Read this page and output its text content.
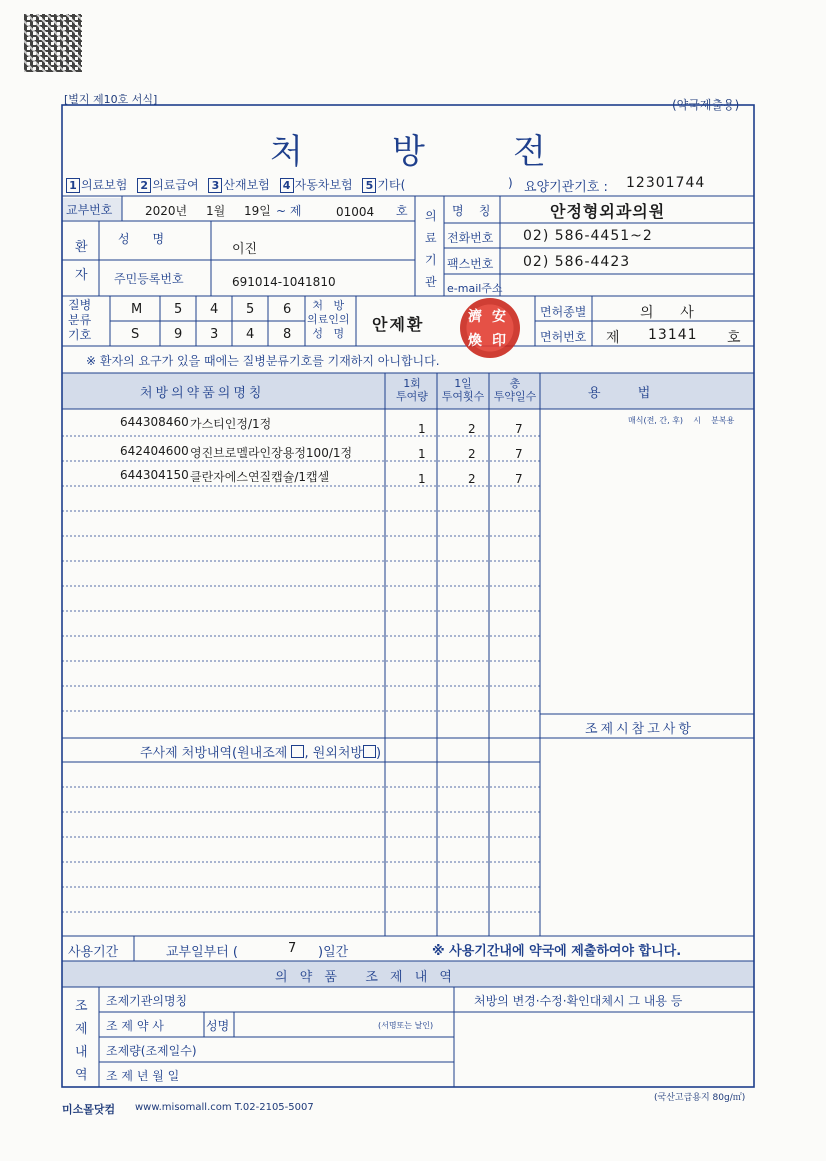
[별지 제10호 서식]	(약국제출용)
처	방	전
1 의료보험 2 의료급여 3 산재보험 4 자동차보험 5 기타(	) 요양기관기호 : 12301744
교부번호	2020년 1월 19일 ~ 제	01004 호
환
자
성      명
이진
주민등록번호	691014-1041810
의
료
기
관
명    칭	안정형외과의원
전화번호 02) 586-4451~2
팩스번호 02) 586-4423
e-mail주소
질병
분류
기호
M 5 4 5 6
S	9 3 4 8
처   방
의료인의
성   명	안제환	濟 安
印
煥
면허종별	의      사
면허번호 제 13141 호
※ 환자의 요구가 있을 때에는 질병분류기호를 기재하지 아니합니다.
처방의약품의명칭
1회
투여량
1일
투여횟수
총
투약일수	용         법
매식(전, 간, 후)    시    분복용
644308460 가스티인정/1정	1	2	7
642404600 영진브로멜라인장용정100/1정	1	2	7
644304150 클란자에스연질캡슐/1캡셀	1	2	7
조제시참고사항
주사제 처방내역(원내조제 , 원외처방 )
사용기간	교부일부터 (	7 )일간	※ 사용기간내에 약국에 제출하여야 합니다.
의 약 품   조 제 내 역
조
제
내
역
조제기관의명칭
조 제 약 사	성명	(서명또는 날인)
조제량(조제일수)
조 제 년 월 일
처방의 변경·수정·확인대체시 그 내용 등
미소몰닷컴 www.misomall.com T.02-2105-5007
(국산고급용지 80g/㎡)
